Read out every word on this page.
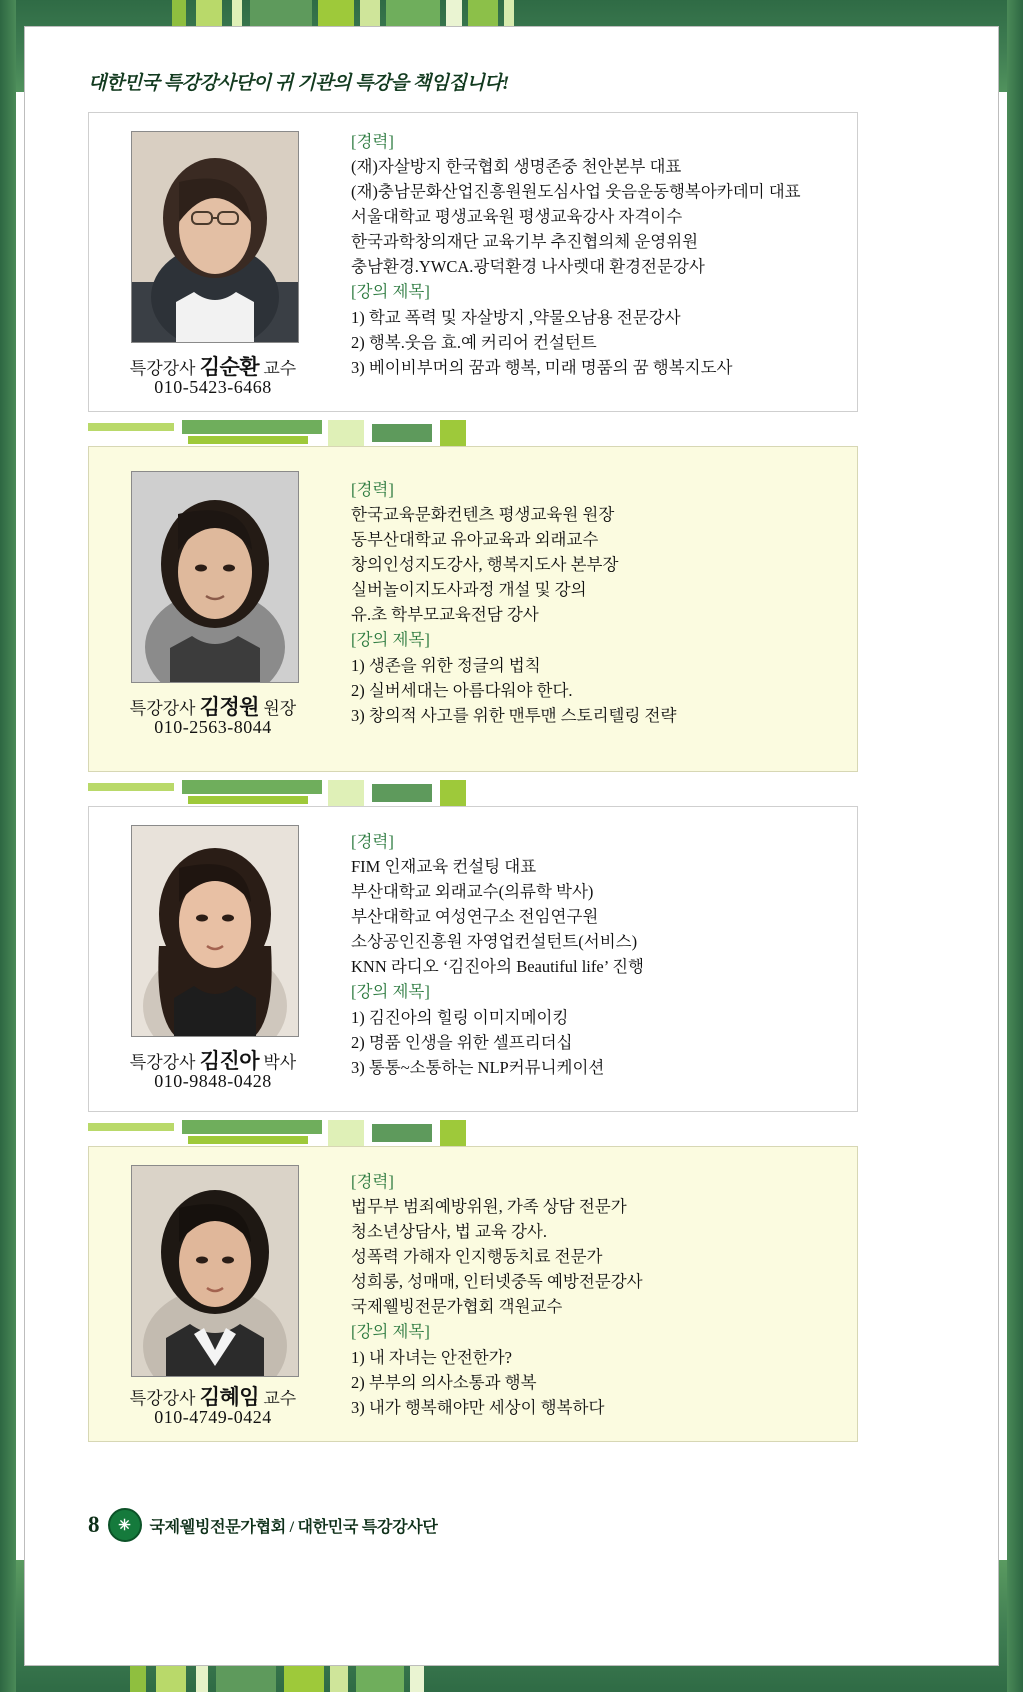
대한민국 특강강사단이 귀 기관의 특강을 책임집니다!
특강강사 김순환 교수
010-5423-6468
[경력]
(재)자살방지 한국협회 생명존중 천안본부 대표
(재)충남문화산업진흥원원도심사업 웃음운동행복아카데미 대표
서울대학교 평생교육원 평생교육강사 자격이수
한국과학창의재단 교육기부 추진협의체 운영위원
충남환경.YWCA.광덕환경 나사렛대 환경전문강사
[강의 제목]
1) 학교 폭력 및 자살방지 ,약물오남용 전문강사
2) 행복.웃음 효.예 커리어 컨설턴트
3) 베이비부머의 꿈과 행복, 미래 명품의 꿈 행복지도사
특강강사 김정원 원장
010-2563-8044
[경력]
한국교육문화컨텐츠 평생교육원 원장
동부산대학교 유아교육과 외래교수
창의인성지도강사, 행복지도사 본부장
실버놀이지도사과정 개설 및 강의
유.초 학부모교육전담 강사
[강의 제목]
1) 생존을 위한 정글의 법칙
2) 실버세대는 아름다워야 한다.
3) 창의적 사고를 위한 맨투맨 스토리텔링 전략
특강강사 김진아 박사
010-9848-0428
[경력]
FIM 인재교육 컨설팅 대표
부산대학교 외래교수(의류학 박사)
부산대학교 여성연구소 전임연구원
소상공인진흥원 자영업컨설턴트(서비스)
KNN 라디오 ‘김진아의 Beautiful life’ 진행
[강의 제목]
1) 김진아의 힐링 이미지메이킹
2) 명품 인생을 위한 셀프리더십
3) 통통~소통하는 NLP커뮤니케이션
특강강사 김혜임 교수
010-4749-0424
[경력]
법무부 범죄예방위원, 가족 상담 전문가
청소년상담사, 법 교육 강사.
성폭력 가해자 인지행동치료 전문가
성희롱, 성매매, 인터넷중독 예방전문강사
국제웰빙전문가협회 객원교수
[강의 제목]
1) 내 자녀는 안전한가?
2) 부부의 의사소통과 행복
3) 내가 행복해야만 세상이 행복하다
8	✳	국제웰빙전문가협회 / 대한민국 특강강사단
